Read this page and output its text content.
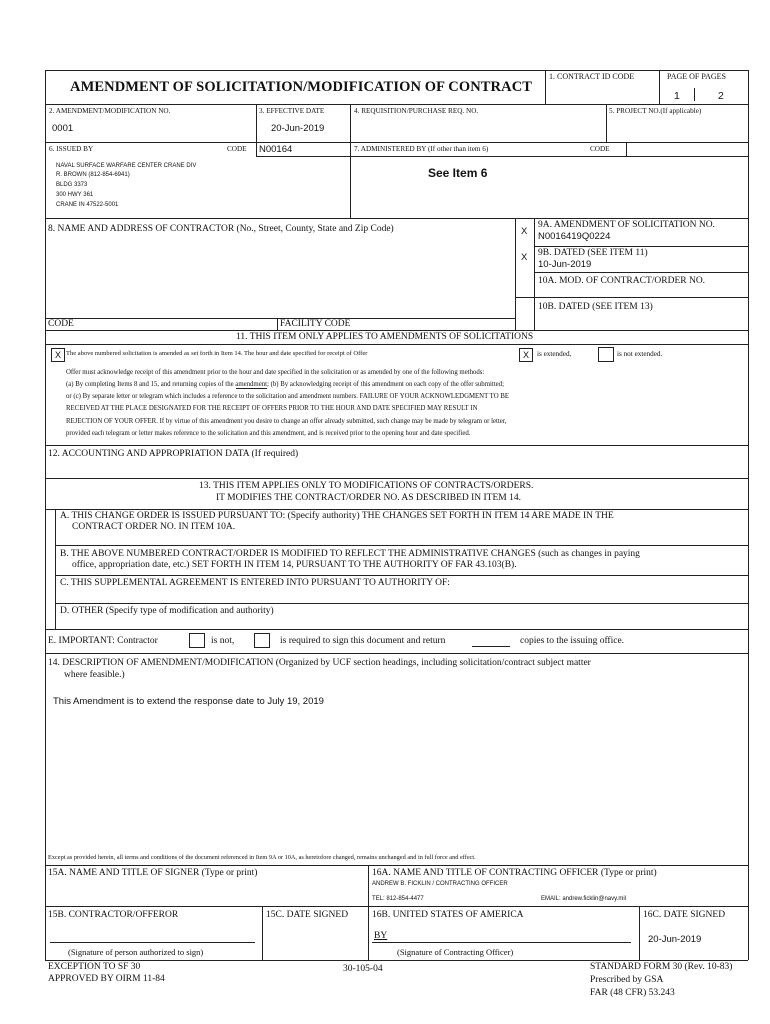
AMENDMENT OF SOLICITATION/MODIFICATION OF CONTRACT
1. CONTRACT ID CODE	PAGE OF PAGES
1	2
2. AMENDMENT/MODIFICATION NO.
0001
3. EFFECTIVE DATE
20-Jun-2019
4. REQUISITION/PURCHASE REQ. NO.	5. PROJECT NO.(If applicable)
6. ISSUED BY	CODE N00164	7. ADMINISTERED BY (If other than item 6)	CODE
NAVAL SURFACE WARFARE CENTER CRANE DIV
R. BROWN (812-854-6941)
BLDG 3373
300 HWY 361
CRANE IN 47522-5001
See Item 6
8. NAME AND ADDRESS OF CONTRACTOR (No., Street, County, State and Zip Code)
CODE	FACILITY CODE
X
9A. AMENDMENT OF SOLICITATION NO.
N0016419Q0224
X 9B. DATED (SEE ITEM 11)
10-Jun-2019
10A. MOD. OF CONTRACT/ORDER NO.
10B. DATED (SEE ITEM 13)
11. THIS ITEM ONLY APPLIES TO AMENDMENTS OF SOLICITATIONS
X The above numbered solicitation is amended as set forth in Item 14. The hour and date specified for receipt of Offer	X	is extended,	is not extended.
Offer must acknowledge receipt of this amendment prior to the hour and date specified in the solicitation or as amended by one of the following methods:
(a) By completing Items 8 and 15, and returning copies of the amendment; (b) By acknowledging receipt of this amendment on each copy of the offer submitted;
or (c) By separate letter or telegram which includes a reference to the solicitation and amendment numbers. FAILURE OF YOUR ACKNOWLEDGMENT TO BE
RECEIVED AT THE PLACE DESIGNATED FOR THE RECEIPT OF OFFERS PRIOR TO THE HOUR AND DATE SPECIFIED MAY RESULT IN
REJECTION OF YOUR OFFER. If by virtue of this amendment you desire to change an offer already submitted, such change may be made by telegram or letter,
provided each telegram or letter makes reference to the solicitation and this amendment, and is received prior to the opening hour and date specified.
12. ACCOUNTING AND APPROPRIATION DATA (If required)
13. THIS ITEM APPLIES ONLY TO MODIFICATIONS OF CONTRACTS/ORDERS.
IT MODIFIES THE CONTRACT/ORDER NO. AS DESCRIBED IN ITEM 14.
A. THIS CHANGE ORDER IS ISSUED PURSUANT TO: (Specify authority) THE CHANGES SET FORTH IN ITEM 14 ARE MADE IN THE
CONTRACT ORDER NO. IN ITEM 10A.
B. THE ABOVE NUMBERED CONTRACT/ORDER IS MODIFIED TO REFLECT THE ADMINISTRATIVE CHANGES (such as changes in paying
office, appropriation date, etc.) SET FORTH IN ITEM 14, PURSUANT TO THE AUTHORITY OF FAR 43.103(B).
C. THIS SUPPLEMENTAL AGREEMENT IS ENTERED INTO PURSUANT TO AUTHORITY OF:
D. OTHER (Specify type of modification and authority)
E. IMPORTANT: Contractor	is not,	is required to sign this document and return	copies to the issuing office.
14. DESCRIPTION OF AMENDMENT/MODIFICATION (Organized by UCF section headings, including solicitation/contract subject matter
where feasible.)
This Amendment is to extend the response date to July 19, 2019
Except as provided herein, all terms and conditions of the document referenced in Item 9A or 10A, as heretofore changed, remains unchanged and in full force and effect.
15A. NAME AND TITLE OF SIGNER (Type or print)
15B. CONTRACTOR/OFFEROR	15C. DATE SIGNED
(Signature of person authorized to sign)
16A. NAME AND TITLE OF CONTRACTING OFFICER (Type or print)
ANDREW B. FICKLIN / CONTRACTING OFFICER
TEL: 812-854-4477	EMAIL: andrew.ficklin@navy.mil
16B. UNITED STATES OF AMERICA
BY
(Signature of Contracting Officer)
16C. DATE SIGNED
20-Jun-2019
EXCEPTION TO SF 30
APPROVED BY OIRM 11-84
30-105-04	STANDARD FORM 30 (Rev. 10-83)
Prescribed by GSA
FAR (48 CFR) 53.243
